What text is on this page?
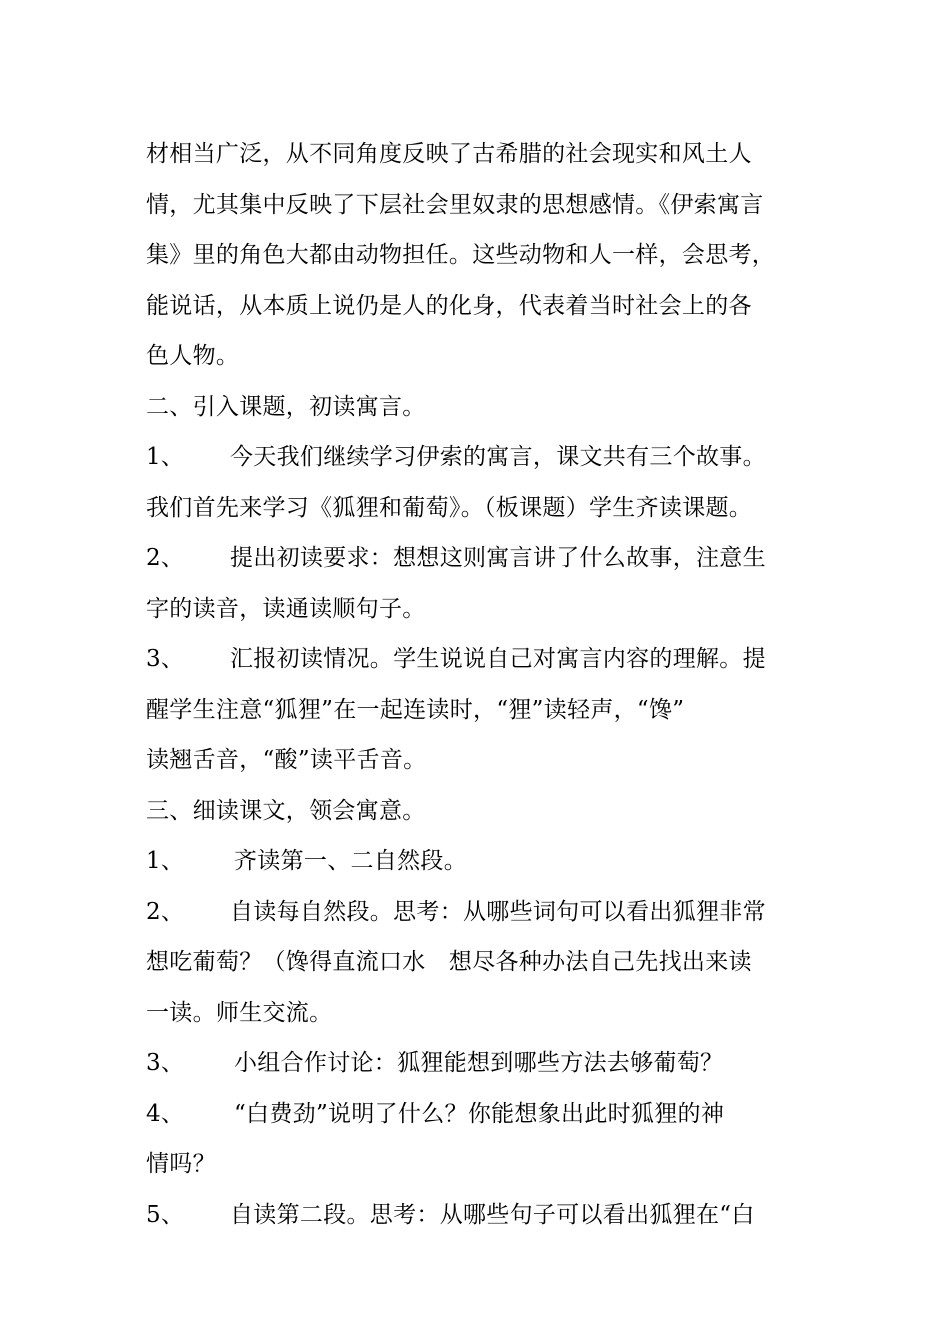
材相当广泛，从不同角度反映了古希腊的社会现实和风土人
情，尤其集中反映了下层社会里奴隶的思想感情。《伊索寓言
集》里的角色大都由动物担任。这些动物和人一样，会思考，
能说话，从本质上说仍是人的化身，代表着当时社会上的各
色人物。
二、引入课题，初读寓言。
1、 今天我们继续学习伊索的寓言，课文共有三个故事。
我们首先来学习《狐狸和葡萄》。（板课题）学生齐读课题。
2、 提出初读要求：想想这则寓言讲了什么故事，注意生
字的读音，读通读顺句子。
3、 汇报初读情况。学生说说自己对寓言内容的理解。提
醒学生注意“狐狸”在一起连读时，“狸”读轻声，“馋”
读翘舌音，“酸”读平舌音。
三、细读课文，领会寓意。
1、 齐读第一、二自然段。
2、 自读每自然段。思考：从哪些词句可以看出狐狸非常
想吃葡萄？（馋得直流口水　想尽各种办法自己先找出来读
一读。师生交流。
3、 小组合作讨论：狐狸能想到哪些方法去够葡萄？
4、 “白费劲”说明了什么？你能想象出此时狐狸的神
情吗？
5、 自读第二段。思考：从哪些句子可以看出狐狸在“白
